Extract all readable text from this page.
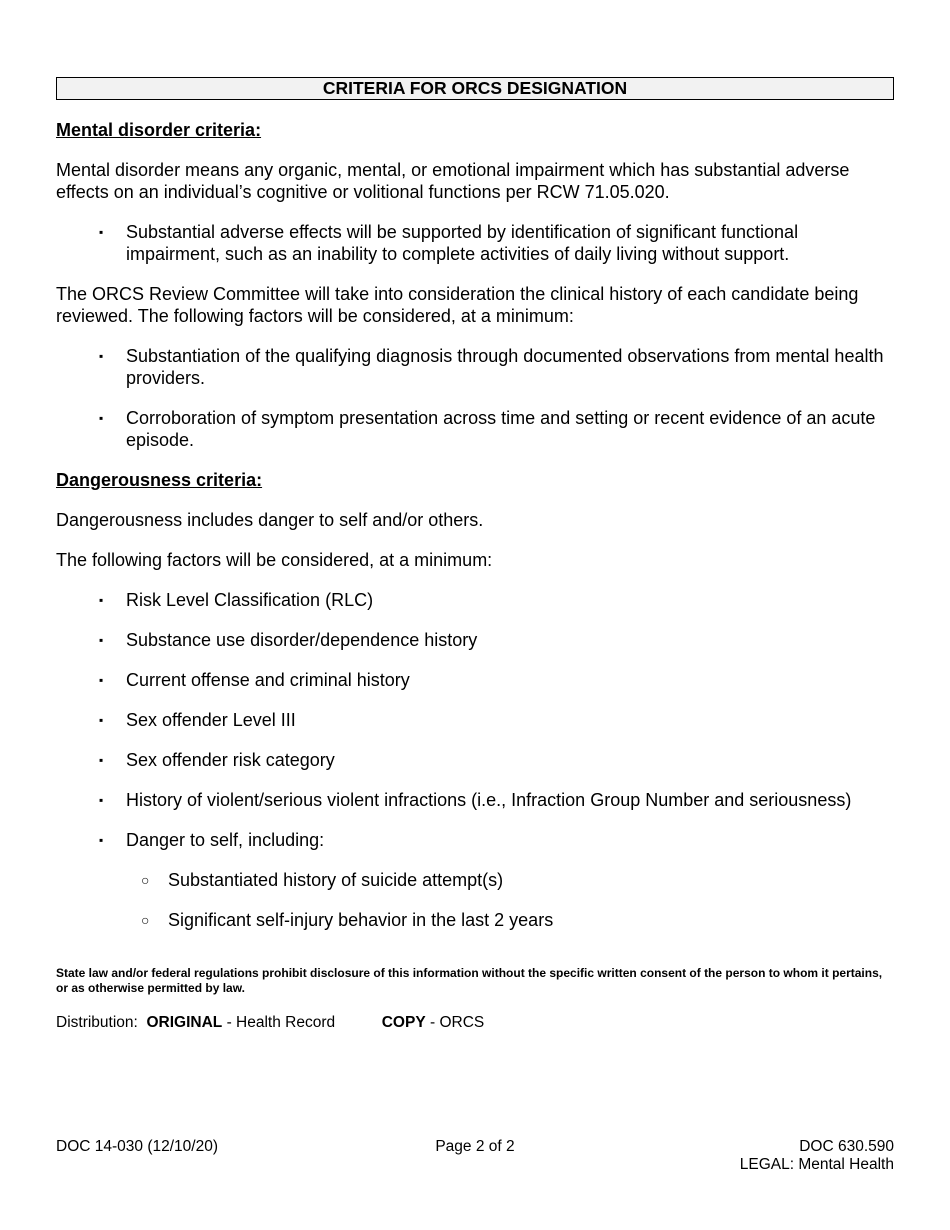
CRITERIA FOR ORCS DESIGNATION
Mental disorder criteria:

Mental disorder means any organic, mental, or emotional impairment which has substantial adverse effects on an individual’s cognitive or volitional functions per RCW 71.05.020.

▪ Substantial adverse effects will be supported by identification of significant functional impairment, such as an inability to complete activities of daily living without support.

The ORCS Review Committee will take into consideration the clinical history of each candidate being reviewed. The following factors will be considered, at a minimum:

▪ Substantiation of the qualifying diagnosis through documented observations from mental health providers.
▪ Corroboration of symptom presentation across time and setting or recent evidence of an acute episode.
Dangerousness criteria:

Dangerousness includes danger to self and/or others.

The following factors will be considered, at a minimum:

▪ Risk Level Classification (RLC)
▪ Substance use disorder/dependence history
▪ Current offense and criminal history
▪ Sex offender Level III
▪ Sex offender risk category
▪ History of violent/serious violent infractions (i.e., Infraction Group Number and seriousness)
▪ Danger to self, including:
○ Substantiated history of suicide attempt(s)
○ Significant self-injury behavior in the last 2 years

State law and/or federal regulations prohibit disclosure of this information without the specific written consent of the person to whom it pertains, or as otherwise permitted by law.

Distribution: ORIGINAL - Health Record	COPY - ORCS
DOC 14-030 (12/10/20)	Page 2 of 2	DOC 630.590
LEGAL: Mental Health
